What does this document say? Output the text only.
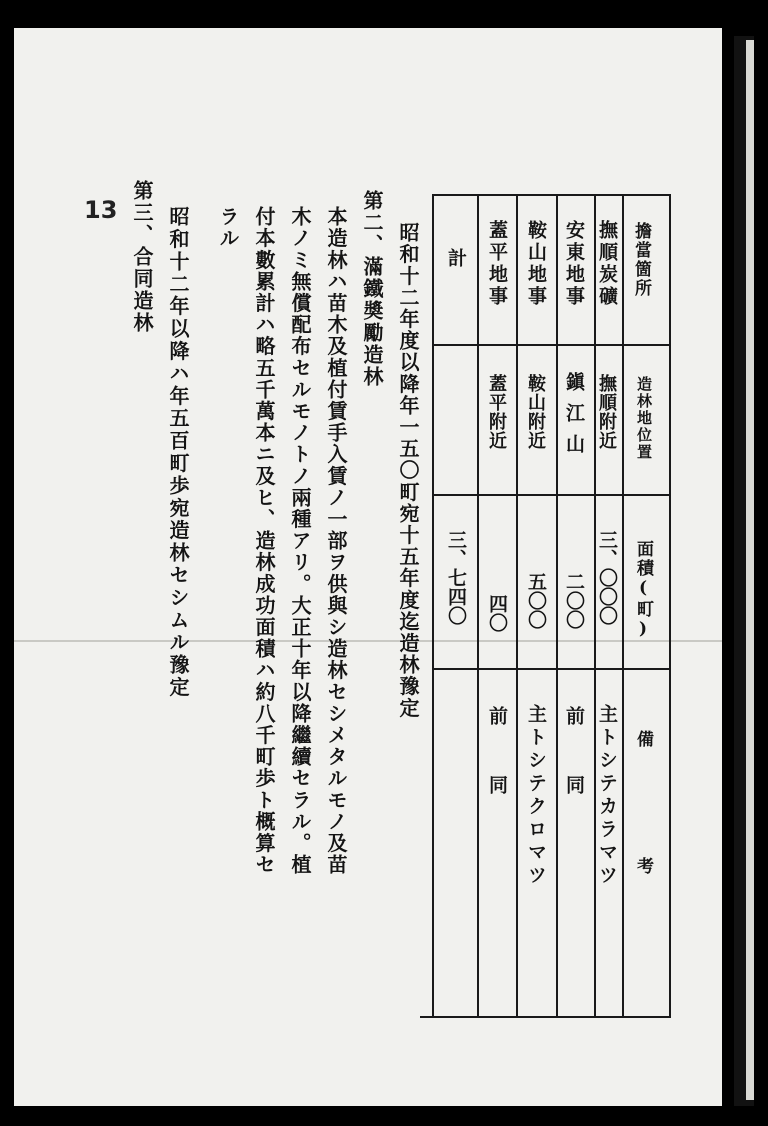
擔當箇所
造林地位置
面積(町)
備考
撫順炭礦
撫順附近
三、〇〇〇
主トシテカラマツ
安東地事
鎭江山
二〇〇
前同
鞍山地事
鞍山附近
五〇〇
主トシテクロマツ
蓋平地事
蓋平附近
四〇
前同
計
三、七四〇
昭和十二年度以降年一五〇町宛十五年度迄造林豫定
第二、滿鐵奬勵造林
本造林ハ苗木及植付賃手入賃ノ一部ヲ供與シ造林セシメタルモノ及苗
木ノミ無償配布セルモノトノ兩種アリ。大正十年以降繼續セラル。植
付本數累計ハ略五千萬本ニ及ヒ、造林成功面積ハ約八千町歩ト概算セ
ラル
第三、合同造林 昭和十二年以降ハ年五百町歩宛造林セシムル豫定
13
